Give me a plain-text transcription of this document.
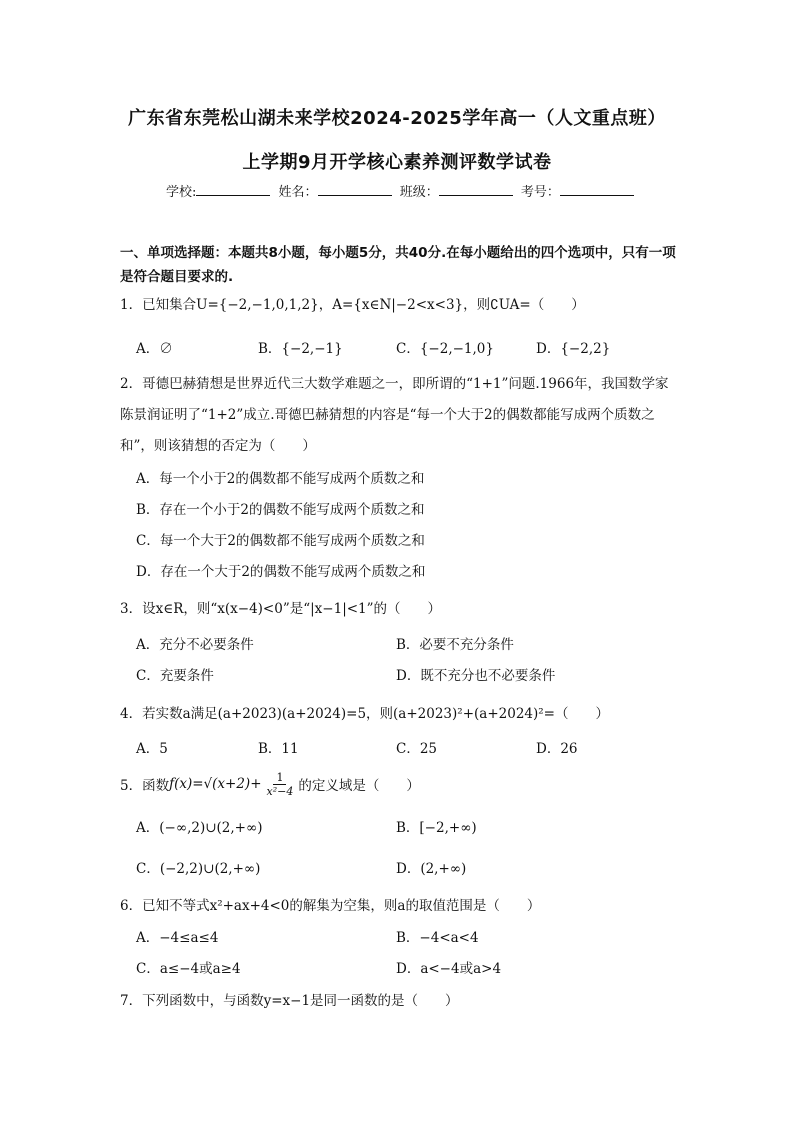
广东省东莞松山湖未来学校2024-2025学年高一（人文重点班）
上学期9月开学核心素养测评数学试卷
学校:	姓名：	班级：	考号：
一、单项选择题：本题共8小题，每小题5分，共40分.在每小题给出的四个选项中，只有一项是符合题目要求的.
1．已知集合U={−2,−1,0,1,2}，A={x∈N|−2<x<3}，则∁UA=（　　）
A．∅	B．{−2,−1}	C．{−2,−1,0}	D．{−2,2}
2．哥德巴赫猜想是世界近代三大数学难题之一，即所谓的“1+1”问题.1966年，我国数学家陈景润证明了“1+2”成立.哥德巴赫猜想的内容是“每一个大于2的偶数都能写成两个质数之和”，则该猜想的否定为（　　）
A．每一个小于2的偶数都不能写成两个质数之和
B．存在一个小于2的偶数不能写成两个质数之和
C．每一个大于2的偶数都不能写成两个质数之和
D．存在一个大于2的偶数不能写成两个质数之和
3．设x∈R，则“x(x−4)<0”是“|x−1|<1”的（　　）
A．充分不必要条件	B．必要不充分条件
C．充要条件	D．既不充分也不必要条件
4．若实数a满足(a+2023)(a+2024)=5，则(a+2023)²+(a+2024)²=（　　）
A．5	B．11	C．25	D．26
5．函数 $f(x)=√(x+2)+ \frac{1}{\text{x²−4}}$ 的定义域是（　　）
A．(−∞,2)∪(2,+∞)	B．[−2,+∞)
C．(−2,2)∪(2,+∞)	D．(2,+∞)
6．已知不等式x²+ax+4<0的解集为空集，则a的取值范围是（　　）
A．−4≤a≤4	B．−4<a<4
C．a≤−4或a≥4	D．a<−4或a>4
7．下列函数中，与函数y=x−1是同一函数的是（　　）
